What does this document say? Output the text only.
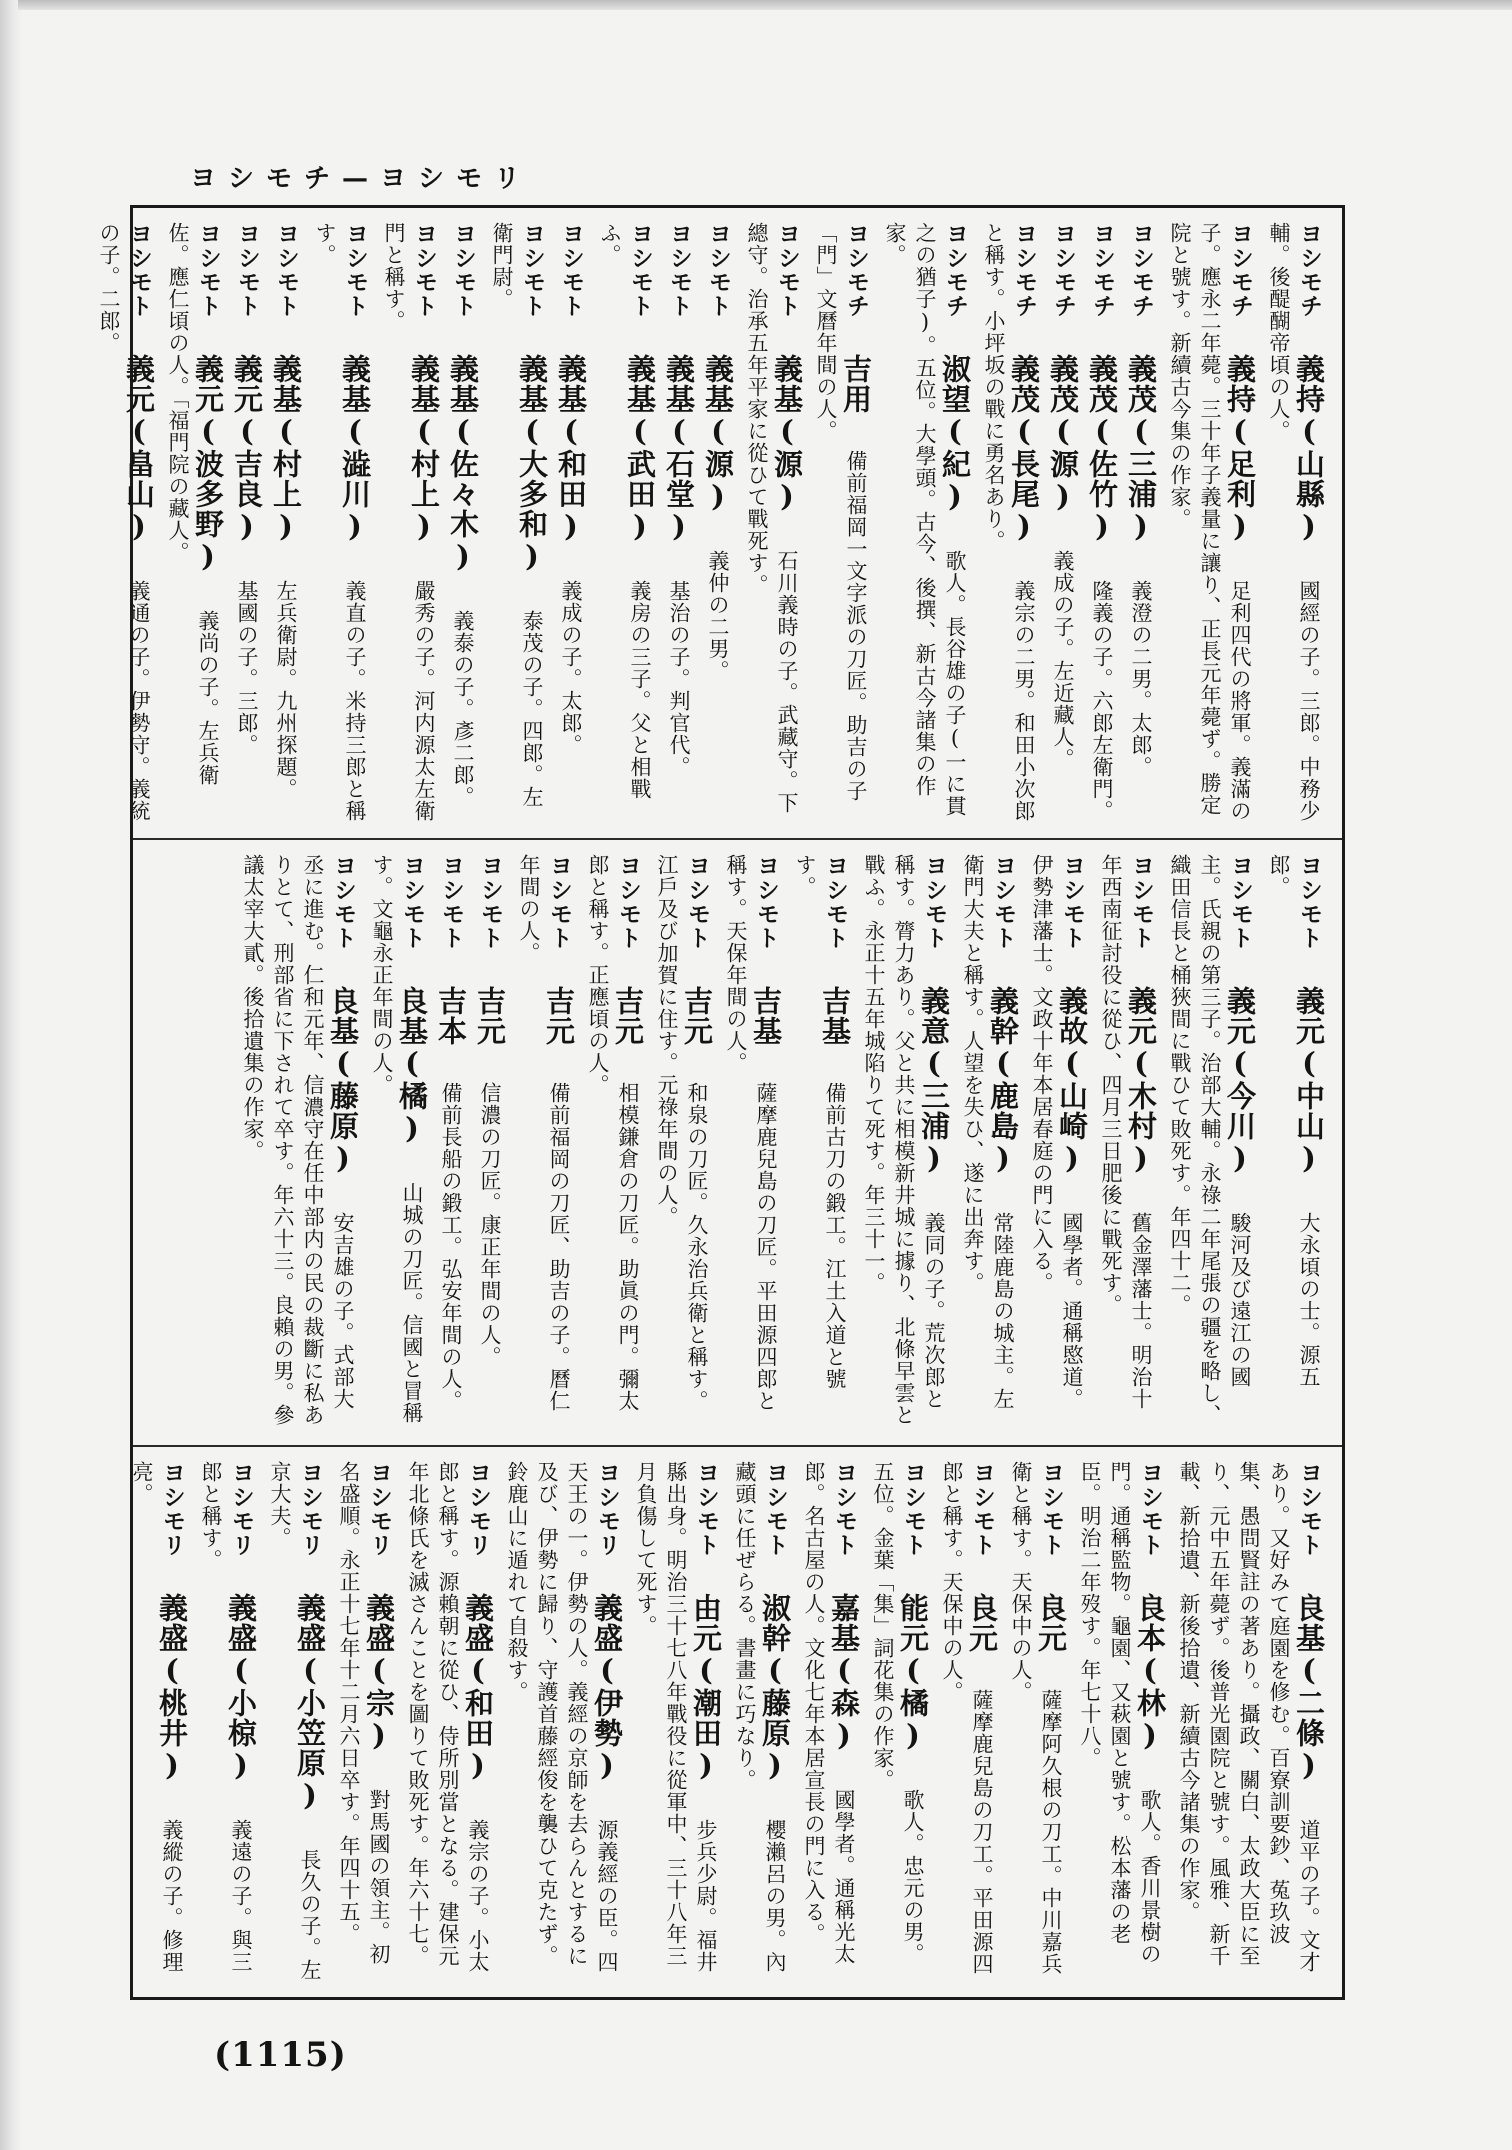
ヨシモチ—ヨシモリ
ヨシモチ 義持(山縣) 國經の子。三郎。中務少輔。後醍醐帝頃の人。
ヨシモチ 義持(足利) 足利四代の將軍。義滿の子。應永二年薨。三十年子義量に讓り、正長元年薨ず。勝定院と號す。新續古今集の作家。
ヨシモチ 義茂(三浦) 義澄の二男。太郎。
ヨシモチ 義茂(佐竹) 隆義の子。六郎左衛門。
ヨシモチ 義茂(源) 義成の子。左近藏人。
ヨシモチ 義茂(長尾) 義宗の二男。和田小次郎と稱す。小坪坂の戰に勇名あり。
ヨシモチ 淑望(紀) 歌人。長谷雄の子(一に貫之の猶子)。五位。大學頭。古今、後撰、新古今諸集の作家。
ヨシモチ 吉用 備前福岡一文字派の刀匠。助吉の子「門」文曆年間の人。
ヨシモト 義基(源) 石川義時の子。武藏守。下總守。治承五年平家に從ひて戰死す。
ヨシモト 義基(源) 義仲の二男。
ヨシモト 義基(石堂) 基治の子。判官代。
ヨシモト 義基(武田) 義房の三子。父と相戰ふ。
ヨシモト 義基(和田) 義成の子。太郎。
ヨシモト 義基(大多和) 泰茂の子。四郎。左衛門尉。
ヨシモト 義基(佐々木) 義泰の子。彥二郎。
ヨシモト 義基(村上) 嚴秀の子。河内源太左衛門と稱す。
ヨシモト 義基(澁川) 義直の子。米持三郎と稱す。
ヨシモト 義基(村上) 左兵衛尉。九州探題。
ヨシモト 義元(吉良) 基國の子。三郎。
ヨシモト 義元(波多野) 義尚の子。左兵衛佐。應仁頃の人。「福門院の藏人。
ヨシモト 義元(畠山) 義通の子。伊勢守。義統の子。二郎。
ヨシモト 義元(中山) 大永頃の士。源五郎。
ヨシモト 義元(今川) 駿河及び遠江の國主。氏親の第三子。治部大輔。永祿二年尾張の疆を略し、織田信長と桶狹間に戰ひて敗死す。年四十二。
ヨシモト 義元(木村) 舊金澤藩士。明治十年西南征討役に從ひ、四月三日肥後に戰死す。
ヨシモト 義故(山崎) 國學者。通稱愍道。伊勢津藩士。文政十年本居春庭の門に入る。
ヨシモト 義幹(鹿島) 常陸鹿島の城主。左衛門大夫と稱す。人望を失ひ、遂に出奔す。
ヨシモト 義意(三浦) 義同の子。荒次郎と稱す。膂力あり。父と共に相模新井城に據り、北條早雲と戰ふ。永正十五年城陷りて死す。年三十一。
ヨシモト 吉基 備前古刀の鍛工。江土入道と號す。
ヨシモト 吉基 薩摩鹿兒島の刀匠。平田源四郎と稱す。天保年間の人。
ヨシモト 吉元 和泉の刀匠。久永治兵衛と稱す。江戶及び加賀に住す。元祿年間の人。
ヨシモト 吉元 相模鎌倉の刀匠。助眞の門。彌太郎と稱す。正應頃の人。
ヨシモト 吉元 備前福岡の刀匠、助吉の子。曆仁年間の人。
ヨシモト 吉元 信濃の刀匠。康正年間の人。
ヨシモト 吉本 備前長船の鍛工。弘安年間の人。
ヨシモト 良基(橘) 山城の刀匠。信國と冒稱す。文龜永正年間の人。
ヨシモト 良基(藤原) 安吉雄の子。式部大丞に進む。仁和元年、信濃守在任中部内の民の裁斷に私ありとて、刑部省に下されて卒す。年六十三。良賴の男。參議太宰大貳。後拾遺集の作家。
ヨシモト 良基(二條) 道平の子。文才あり。又好みて庭園を修む。百寮訓要鈔、菟玖波集、愚問賢註の著あり。攝政、關白、太政大臣に至り、元中五年薨ず。後普光園院と號す。風雅、新千載、新拾遺、新後拾遺、新續古今諸集の作家。
ヨシモト 良本(林) 歌人。香川景樹の門。通稱監物。龜園、又萩園と號す。松本藩の老臣。明治二年歿す。年七十八。
ヨシモト 良元 薩摩阿久根の刀工。中川嘉兵衛と稱す。天保中の人。
ヨシモト 良元 薩摩鹿兒島の刀工。平田源四郎と稱す。天保中の人。
ヨシモト 能元(橘) 歌人。忠元の男。五位。金葉「集」詞花集の作家。
ヨシモト 嘉基(森) 國學者。通稱光太郎。名古屋の人。文化七年本居宣長の門に入る。
ヨシモト 淑幹(藤原) 櫻瀨呂の男。內藏頭に任ぜらる。書畫に巧なり。
ヨシモト 由元(潮田) 步兵少尉。福井縣出身。明治三十七八年戰役に從軍中、三十八年三月負傷して死す。
ヨシモリ 義盛(伊勢) 源義經の臣。四天王の一。伊勢の人。義經の京師を去らんとするに及び、伊勢に歸り、守護首藤經俊を襲ひて克たず。鈴鹿山に遁れて自殺す。
ヨシモリ 義盛(和田) 義宗の子。小太郎と稱す。源賴朝に從ひ、侍所別當となる。建保元年北條氏を滅さんことを圖りて敗死す。年六十七。
ヨシモリ 義盛(宗) 對馬國の領主。初名盛順。永正十七年十二月六日卒す。年四十五。
ヨシモリ 義盛(小笠原) 長久の子。左京大夫。
ヨシモリ 義盛(小椋) 義遠の子。與三郎と稱す。
ヨシモリ 義盛(桃井) 義縱の子。修理亮。
(1115)
